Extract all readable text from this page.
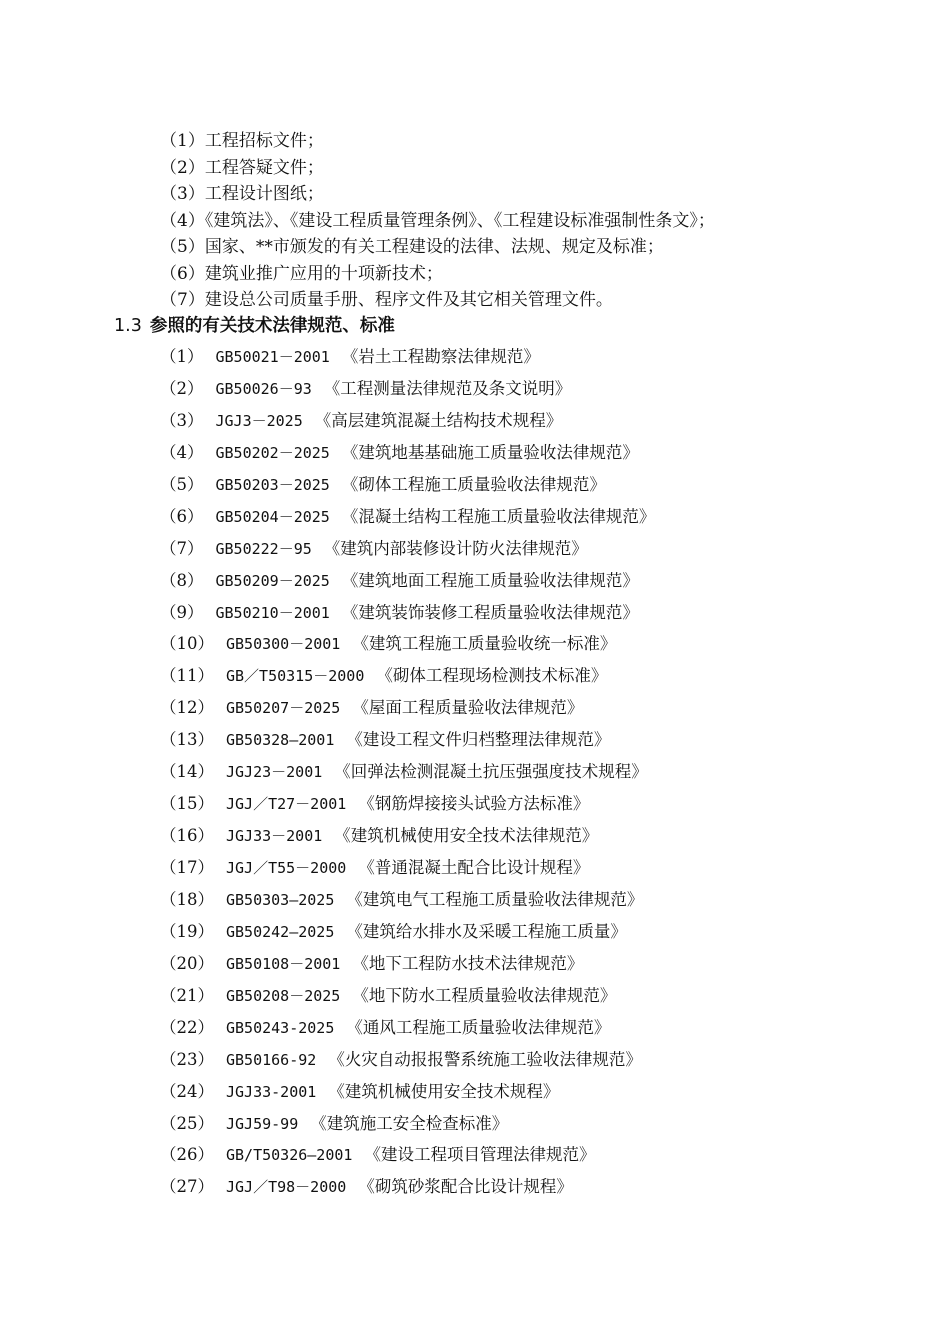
（1）工程招标文件；
（2）工程答疑文件；
（3）工程设计图纸；
（4）《建筑法》、《建设工程质量管理条例》、《工程建设标准强制性条文》；
（5）国家、**市颁发的有关工程建设的法律、法规、规定及标准；
（6）建筑业推广应用的十项新技术；
（7）建设总公司质量手册、程序文件及其它相关管理文件。
1.3 参照的有关技术法律规范、标准
（1） GB50021－2001 《岩土工程勘察法律规范》
（2） GB50026－93 《工程测量法律规范及条文说明》
（3） JGJ3－2025 《高层建筑混凝土结构技术规程》
（4） GB50202－2025 《建筑地基基础施工质量验收法律规范》
（5） GB50203－2025 《砌体工程施工质量验收法律规范》
（6） GB50204－2025 《混凝土结构工程施工质量验收法律规范》
（7） GB50222－95 《建筑内部装修设计防火法律规范》
（8） GB50209－2025 《建筑地面工程施工质量验收法律规范》
（9） GB50210－2001 《建筑装饰装修工程质量验收法律规范》
（10） GB50300－2001 《建筑工程施工质量验收统一标准》
（11） GB／T50315－2000 《砌体工程现场检测技术标准》
（12） GB50207－2025 《屋面工程质量验收法律规范》
（13） GB50328—2001 《建设工程文件归档整理法律规范》
（14） JGJ23－2001 《回弹法检测混凝土抗压强强度技术规程》
（15） JGJ／T27－2001 《钢筋焊接接头试验方法标准》
（16） JGJ33－2001 《建筑机械使用安全技术法律规范》
（17） JGJ／T55－2000 《普通混凝土配合比设计规程》
（18） GB50303—2025 《建筑电气工程施工质量验收法律规范》
（19） GB50242—2025 《建筑给水排水及采暖工程施工质量》
（20） GB50108－2001 《地下工程防水技术法律规范》
（21） GB50208－2025 《地下防水工程质量验收法律规范》
（22） GB50243-2025 《通风工程施工质量验收法律规范》
（23） GB50166-92 《火灾自动报报警系统施工验收法律规范》
（24） JGJ33-2001 《建筑机械使用安全技术规程》
（25） JGJ59-99 《建筑施工安全检查标准》
（26） GB/T50326—2001 《建设工程项目管理法律规范》
（27） JGJ／T98－2000 《砌筑砂浆配合比设计规程》
